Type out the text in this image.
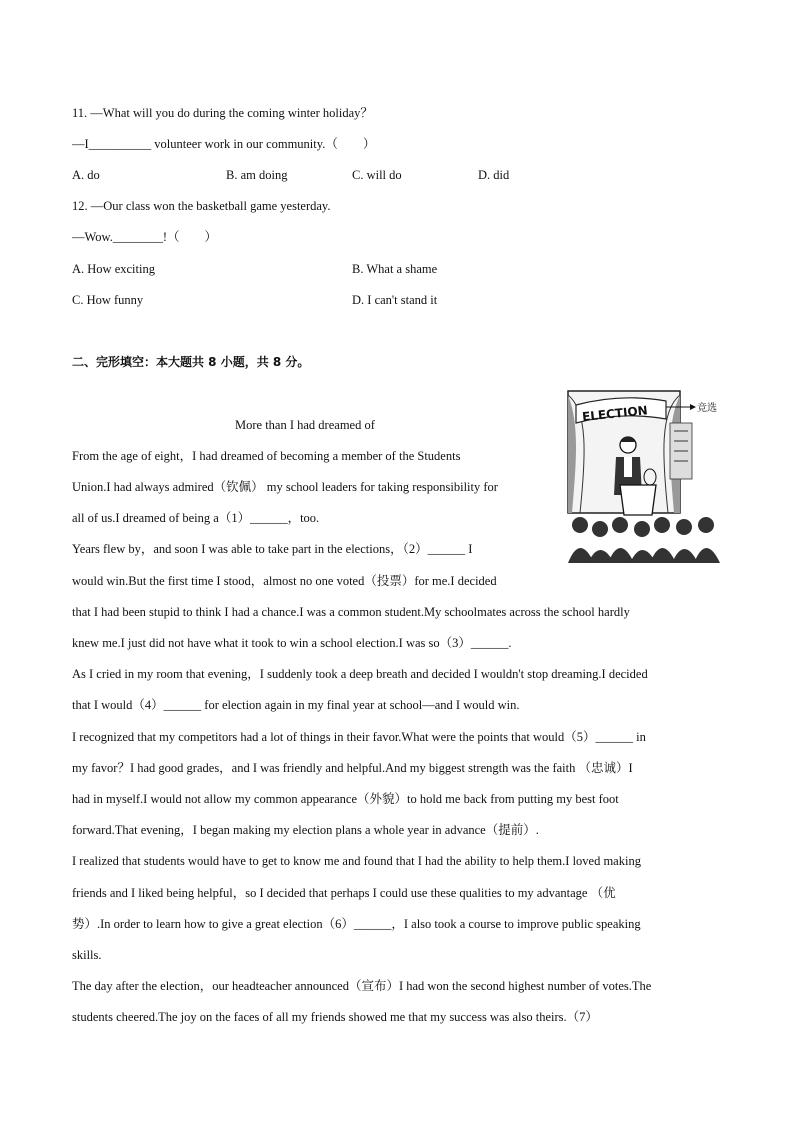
11. —What will you do during the coming winter holiday？
—I__________ volunteer work in our community.（　　）
A. do	B. am doing	C. will do	D. did
12. —Our class won the basketball game yesterday.
—Wow.________!（　　）
A. How exciting	B. What a shame
C. How funny	D. I can't stand it
二、完形填空：本大题共 8 小题，共 8 分。
More than I had dreamed of
From the age of eight，I had dreamed of becoming a member of the Students
Union.I had always admired（钦佩） my school leaders for taking responsibility for
all of us.I dreamed of being a（1）______，too.
Years flew by，and soon I was able to take part in the elections，（2）______ I
would win.But the first time I stood，almost no one voted（投票）for me.I decided
that I had been stupid to think I had a chance.I was a common student.My schoolmates across the school hardly
knew me.I just did not have what it took to win a school election.I was so（3）______.
As I cried in my room that evening，I suddenly took a deep breath and decided I wouldn't stop dreaming.I decided
that I would（4）______ for election again in my final year at school—and I would win.
I recognized that my competitors had a lot of things in their favor.What were the points that would（5）______ in
my favor？I had good grades，and I was friendly and helpful.And my biggest strength was the faith （忠诚）I
had in myself.I would not allow my common appearance（外貌）to hold me back from putting my best foot
forward.That evening，I began making my election plans a whole year in advance（提前）.
I realized that students would have to get to know me and found that I had the ability to help them.I loved making
friends and I liked being helpful，so I decided that perhaps I could use these qualities to my advantage （优
势）.In order to learn how to give a great election（6）______，I also took a course to improve public speaking
skills.
The day after the election，our headteacher announced（宣布）I had won the second highest number of votes.The
students cheered.The joy on the faces of all my friends showed me that my success was also theirs.（7）
ELECTION	竞选
